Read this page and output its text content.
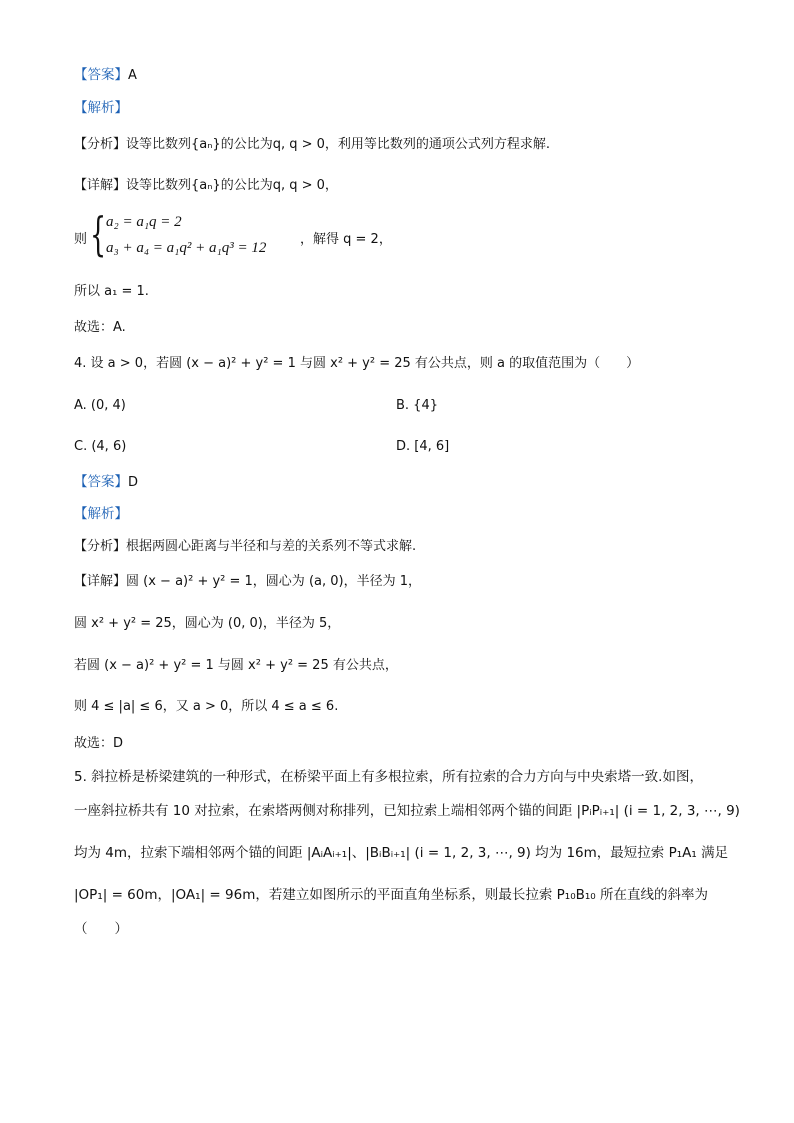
【答案】A
【解析】
【分析】设等比数列{aₙ}的公比为q, q > 0，利用等比数列的通项公式列方程求解.
【详解】设等比数列{aₙ}的公比为q, q > 0，
则 { a₂ = a₁q = 2
a₃ + a₄ = a₁q² + a₁q³ = 12
，解得 q = 2，
所以 a₁ = 1.
故选：A.
4. 设 a > 0，若圆 (x − a)² + y² = 1 与圆 x² + y² = 25 有公共点，则 a 的取值范围为（　　）
A. (0, 4)	B. {4}
C. (4, 6)	D. [4, 6]
【答案】D
【解析】
【分析】根据两圆心距离与半径和与差的关系列不等式求解.
【详解】圆 (x − a)² + y² = 1，圆心为 (a, 0)，半径为 1，
圆 x² + y² = 25，圆心为 (0, 0)，半径为 5，
若圆 (x − a)² + y² = 1 与圆 x² + y² = 25 有公共点，
则 4 ≤ |a| ≤ 6，又 a > 0，所以 4 ≤ a ≤ 6.
故选：D
5. 斜拉桥是桥梁建筑的一种形式，在桥梁平面上有多根拉索，所有拉索的合力方向与中央索塔一致.如图，
一座斜拉桥共有 10 对拉索，在索塔两侧对称排列，已知拉索上端相邻两个锚的间距 |PᵢPᵢ₊₁| (i = 1, 2, 3, ⋯, 9)
均为 4m，拉索下端相邻两个锚的间距 |AᵢAᵢ₊₁|、|BᵢBᵢ₊₁| (i = 1, 2, 3, ⋯, 9) 均为 16m，最短拉索 P₁A₁ 满足
|OP₁| = 60m，|OA₁| = 96m，若建立如图所示的平面直角坐标系，则最长拉索 P₁₀B₁₀ 所在直线的斜率为
（　　）
